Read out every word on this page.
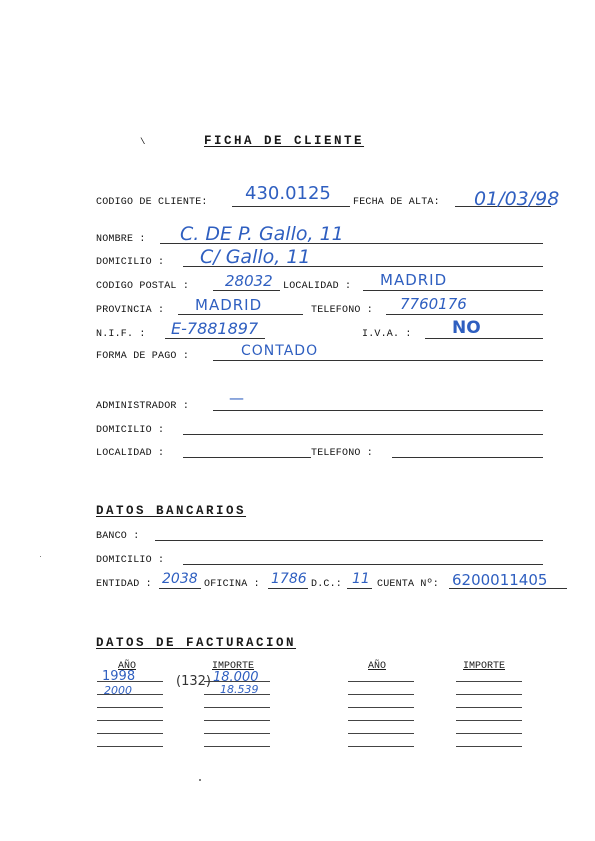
\	FICHA DE CLIENTE
CODIGO DE CLIENTE: 430.0125 FECHA DE ALTA: 01/03/98
NOMBRE : C. DE P. Gallo, 11
DOMICILIO : C/ Gallo, 11
CODIGO POSTAL : 28032 LOCALIDAD : MADRID
PROVINCIA : MADRID	TELEFONO : 7760176
N.I.F. : E-7881897	I.V.A. : NO
FORMA DE PAGO :	CONTADO
ADMINISTRADOR :	—
DOMICILIO :
LOCALIDAD :	TELEFONO :
DATOS BANCARIOS
BANCO :
DOMICILIO :
ENTIDAD : 2038 OFICINA : 1786 D.C.: 11 CUENTA Nº: 6200011405
DATOS DE FACTURACION
AÑO	IMPORTE	AÑO	IMPORTE
1998	18.000
2000	18.539
(132)
